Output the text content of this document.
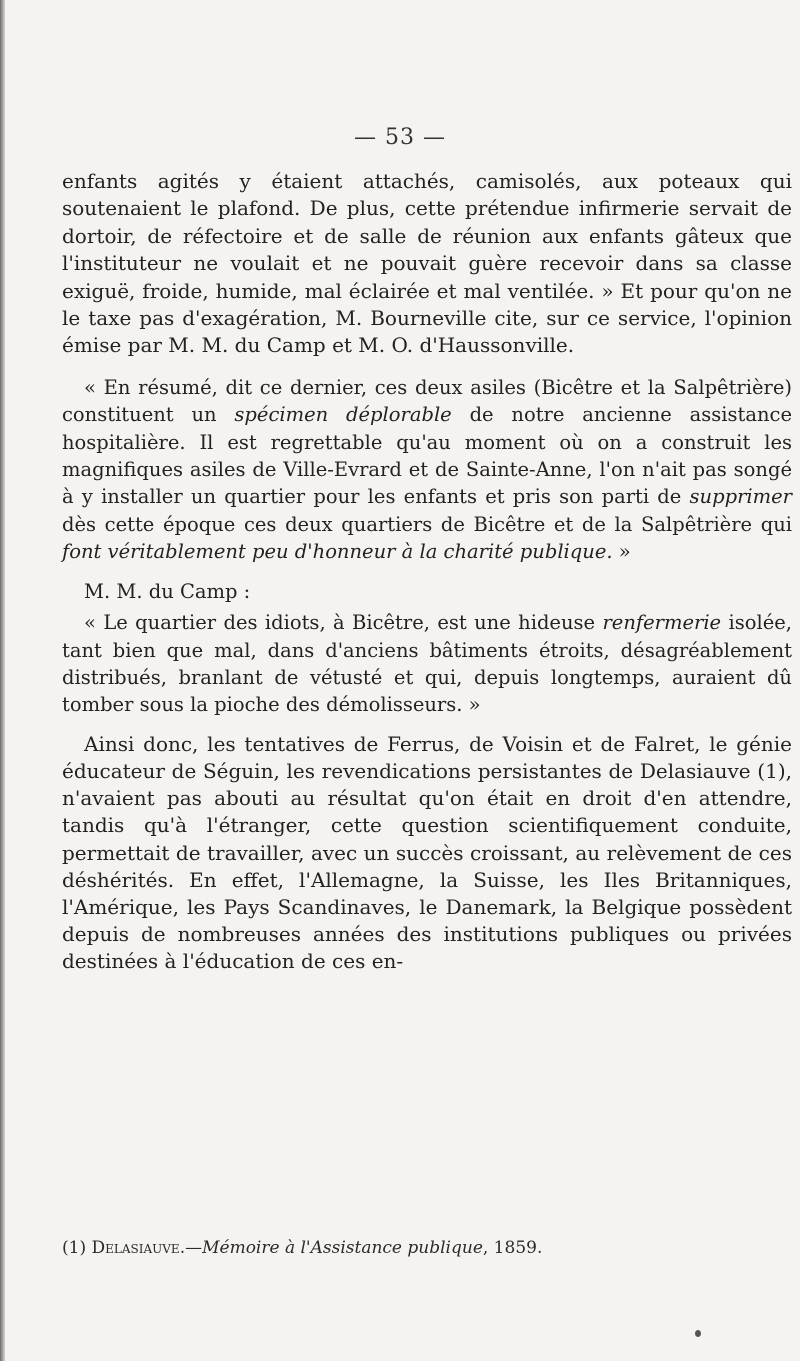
— 53 —

enfants agités y étaient attachés, camisolés, aux poteaux qui soutenaient le plafond. De plus, cette prétendue infirmerie servait de dortoir, de réfectoire et de salle de réunion aux enfants gâteux que l'instituteur ne voulait et ne pouvait guère recevoir dans sa classe exiguë, froide, humide, mal éclairée et mal ventilée. » Et pour qu'on ne le taxe pas d'exagération, M. Bourneville cite, sur ce service, l'opinion émise par M. M. du Camp et M. O. d'Haussonville.

« En résumé, dit ce dernier, ces deux asiles (Bicêtre et la Salpêtrière) constituent un spécimen déplorable de notre ancienne assistance hospitalière. Il est regrettable qu'au moment où on a construit les magnifiques asiles de Ville-Evrard et de Sainte-Anne, l'on n'ait pas songé à y installer un quartier pour les enfants et pris son parti de supprimer dès cette époque ces deux quartiers de Bicêtre et de la Salpêtrière qui font véritablement peu d'honneur à la charité publique. »

M. M. du Camp :

« Le quartier des idiots, à Bicêtre, est une hideuse renfermerie isolée, tant bien que mal, dans d'anciens bâtiments étroits, désagréablement distribués, branlant de vétusté et qui, depuis longtemps, auraient dû tomber sous la pioche des démolisseurs. »

Ainsi donc, les tentatives de Ferrus, de Voisin et de Falret, le génie éducateur de Séguin, les revendications persistantes de Delasiauve (1), n'avaient pas abouti au résultat qu'on était en droit d'en attendre, tandis qu'à l'étranger, cette question scientifiquement conduite, permettait de travailler, avec un succès croissant, au relèvement de ces déshérités. En effet, l'Allemagne, la Suisse, les Iles Britanniques, l'Amérique, les Pays Scandinaves, le Danemark, la Belgique possèdent depuis de nombreuses années des institutions publiques ou privées destinées à l'éducation de ces en-

(1) Delasiauve.—Mémoire à l'Assistance publique, 1859.
